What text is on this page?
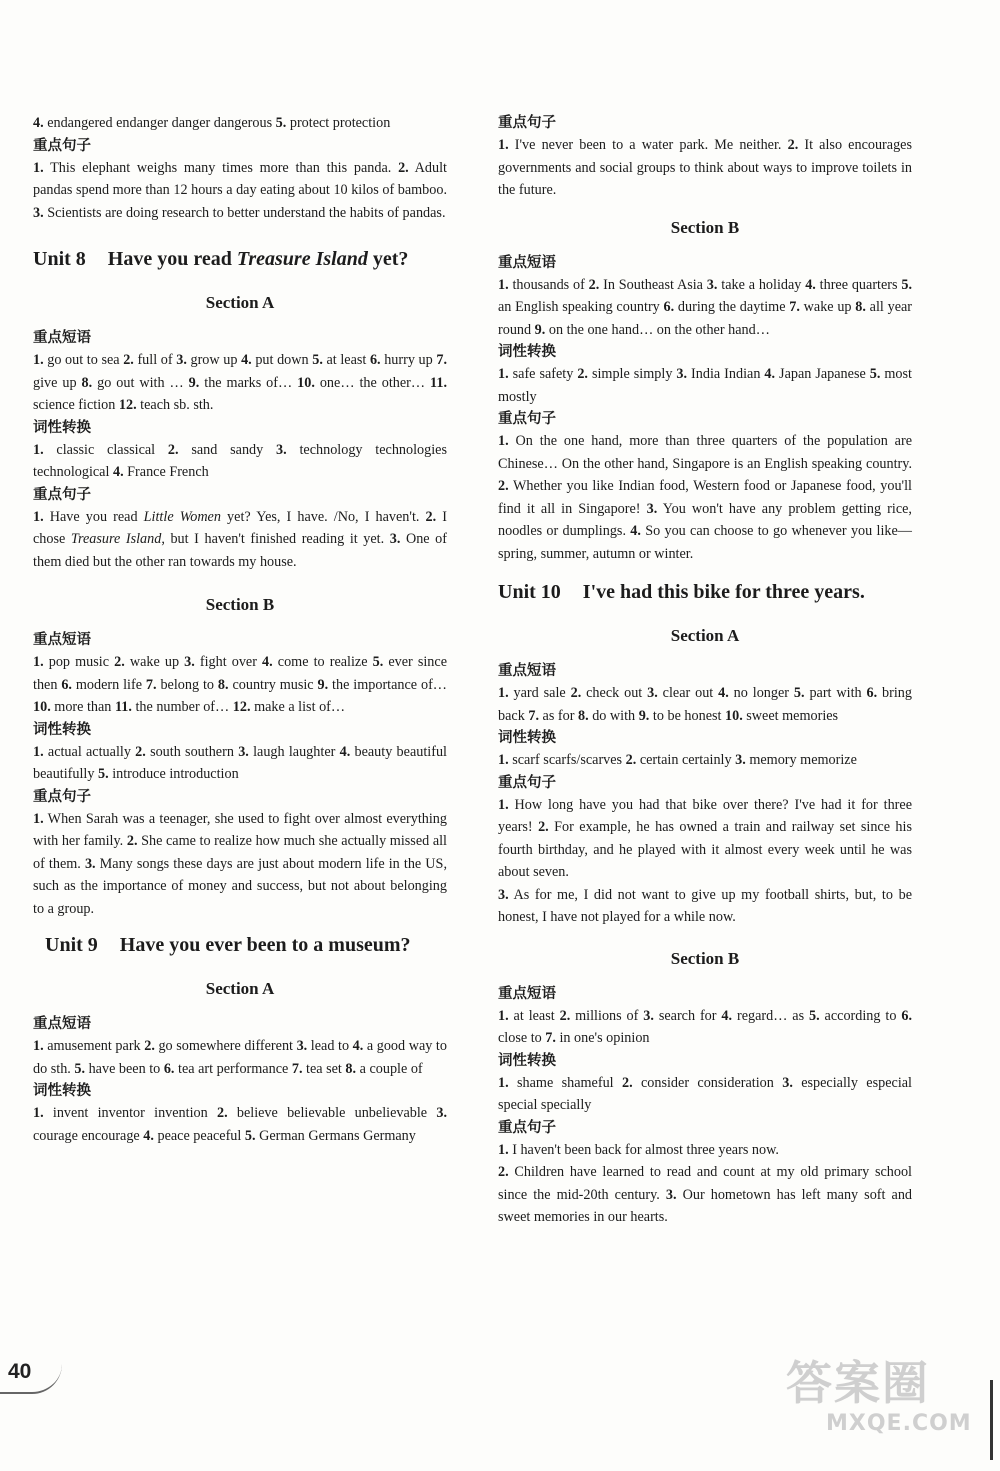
4. endangered endanger danger dangerous 5. protect protection
重点句子
1. This elephant weighs many times more than this panda. 2. Adult pandas spend more than 12 hours a day eating about 10 kilos of bamboo. 3. Scientists are doing research to better understand the habits of pandas.
Unit 8 Have you read Treasure Island yet?
Section A
重点短语
1. go out to sea 2. full of 3. grow up 4. put down 5. at least 6. hurry up 7. give up 8. go out with … 9. the marks of… 10. one… the other… 11. science fiction 12. teach sb. sth.
词性转换
1. classic classical 2. sand sandy 3. technology technologies technological 4. France French
重点句子
1. Have you read Little Women yet? Yes, I have. /No, I haven't. 2. I chose Treasure Island, but I haven't finished reading it yet. 3. One of them died but the other ran towards my house.
Section B
重点短语
1. pop music 2. wake up 3. fight over 4. come to realize 5. ever since then 6. modern life 7. belong to 8. country music 9. the importance of… 10. more than 11. the number of… 12. make a list of…
词性转换
1. actual actually 2. south southern 3. laugh laughter 4. beauty beautiful beautifully 5. introduce introduction
重点句子
1. When Sarah was a teenager, she used to fight over almost everything with her family. 2. She came to realize how much she actually missed all of them. 3. Many songs these days are just about modern life in the US, such as the importance of money and success, but not about belonging to a group.
Unit 9 Have you ever been to a museum?
Section A
重点短语
1. amusement park 2. go somewhere different 3. lead to 4. a good way to do sth. 5. have been to 6. tea art performance 7. tea set 8. a couple of
词性转换
1. invent inventor invention 2. believe believable unbelievable 3. courage encourage 4. peace peaceful 5. German Germans Germany
重点句子
1. I've never been to a water park. Me neither. 2. It also encourages governments and social groups to think about ways to improve toilets in the future.
Section B
重点短语
1. thousands of 2. In Southeast Asia 3. take a holiday 4. three quarters 5. an English speaking country 6. during the daytime 7. wake up 8. all year round 9. on the one hand… on the other hand…
词性转换
1. safe safety 2. simple simply 3. India Indian 4. Japan Japanese 5. most mostly
重点句子
1. On the one hand, more than three quarters of the population are Chinese… On the other hand, Singapore is an English speaking country. 2. Whether you like Indian food, Western food or Japanese food, you'll find it all in Singapore! 3. You won't have any problem getting rice, noodles or dumplings. 4. So you can choose to go whenever you like—spring, summer, autumn or winter.
Unit 10 I've had this bike for three years.
Section A
重点短语
1. yard sale 2. check out 3. clear out 4. no longer 5. part with 6. bring back 7. as for 8. do with 9. to be honest 10. sweet memories
词性转换
1. scarf scarfs/scarves 2. certain certainly 3. memory memorize
重点句子
1. How long have you had that bike over there? I've had it for three years! 2. For example, he has owned a train and railway set since his fourth birthday, and he played with it almost every week until he was about seven.
3. As for me, I did not want to give up my football shirts, but, to be honest, I have not played for a while now.
Section B
重点短语
1. at least 2. millions of 3. search for 4. regard… as 5. according to 6. close to 7. in one's opinion
词性转换
1. shame shameful 2. consider consideration 3. especially especial special specially
重点句子
1. I haven't been back for almost three years now.
2. Children have learned to read and count at my old primary school since the mid-20th century. 3. Our hometown has left many soft and sweet memories in our hearts.
40	答案圈
MXQE.COM
